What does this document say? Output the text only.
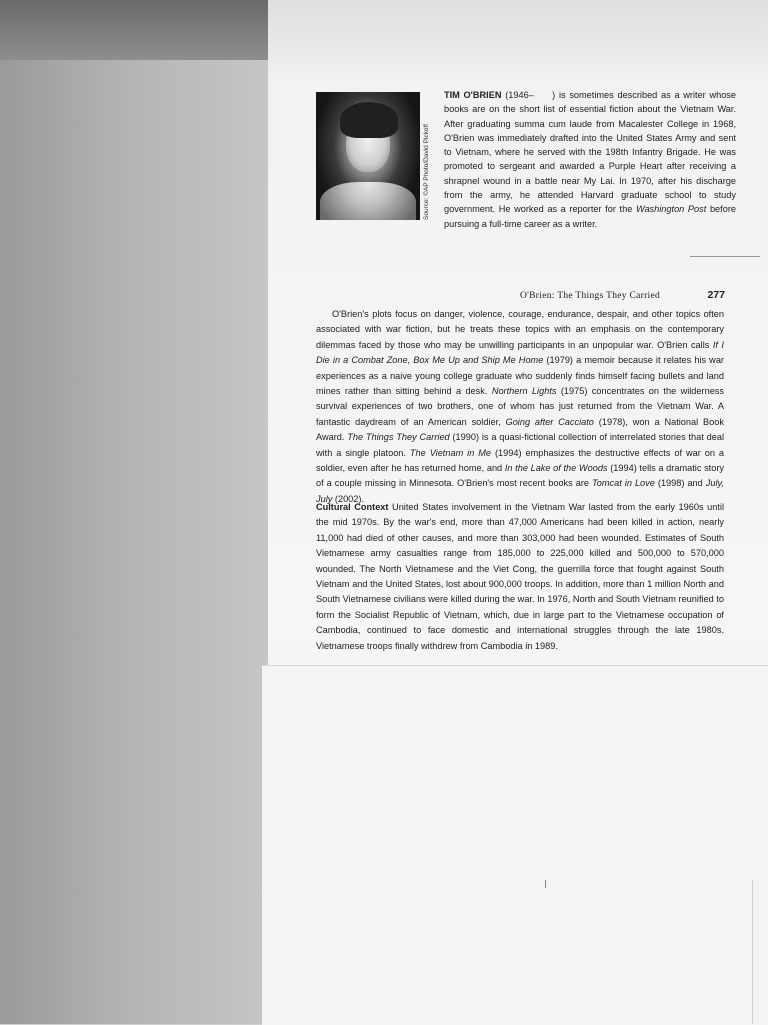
Source: ©AP Photo/David Pickoff
TIM O'BRIEN (1946–  ) is sometimes described as a writer whose books are on the short list of essential fiction about the Vietnam War. After graduating summa cum laude from Macalester College in 1968, O'Brien was immediately drafted into the United States Army and sent to Vietnam, where he served with the 198th Infantry Brigade. He was promoted to sergeant and awarded a Purple Heart after receiving a shrapnel wound in a battle near My Lai. In 1970, after his discharge from the army, he attended Harvard graduate school to study government. He worked as a reporter for the Washington Post before pursuing a full-time career as a writer.
O'Brien: The Things They Carried	277
O'Brien's plots focus on danger, violence, courage, endurance, despair, and other topics often associated with war fiction, but he treats these topics with an emphasis on the contemporary dilemmas faced by those who may be unwilling participants in an unpopular war. O'Brien calls If I Die in a Combat Zone, Box Me Up and Ship Me Home (1979) a memoir because it relates his war experiences as a naive young college graduate who suddenly finds himself facing bullets and land mines rather than sitting behind a desk. Northern Lights (1975) concentrates on the wilderness survival experiences of two brothers, one of whom has just returned from the Vietnam War. A fantastic daydream of an American soldier, Going after Cacciato (1978), won a National Book Award. The Things They Carried (1990) is a quasi-fictional collection of interrelated stories that deal with a single platoon. The Vietnam in Me (1994) emphasizes the destructive effects of war on a soldier, even after he has returned home, and In the Lake of the Woods (1994) tells a dramatic story of a couple missing in Minnesota. O'Brien's most recent books are Tomcat in Love (1998) and July, July (2002).
Cultural Context United States involvement in the Vietnam War lasted from the early 1960s until the mid 1970s. By the war's end, more than 47,000 Americans had been killed in action, nearly 11,000 had died of other causes, and more than 303,000 had been wounded. Estimates of South Vietnamese army casualties range from 185,000 to 225,000 killed and 500,000 to 570,000 wounded. The North Vietnamese and the Viet Cong, the guerrilla force that fought against South Vietnam and the United States, lost about 900,000 troops. In addition, more than 1 million North and South Vietnamese civilians were killed during the war. In 1976, North and South Vietnam reunified to form the Socialist Republic of Vietnam, which, due in large part to the Vietnamese occupation of Cambodia, continued to face domestic and international struggles through the late 1980s. Vietnamese troops finally withdrew from Cambodia in 1989.
